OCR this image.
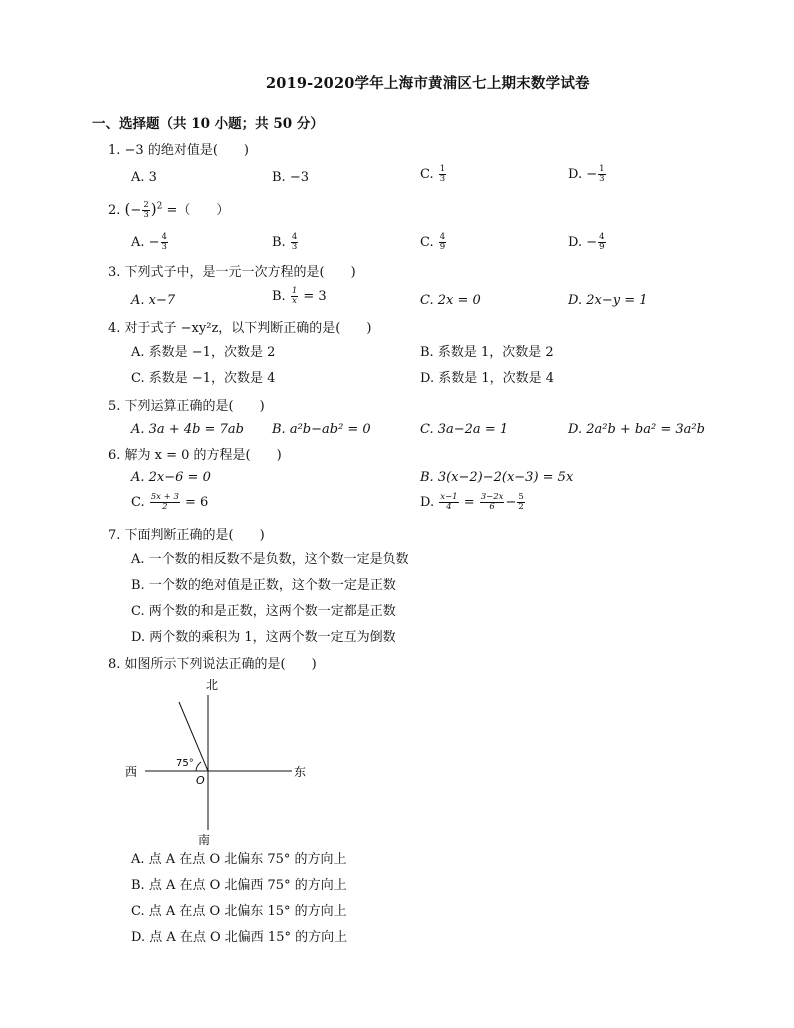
2019-2020学年上海市黄浦区七上期末数学试卷
一、选择题（共 10 小题；共 50 分）
1. −3 的绝对值是(　　)
A. 3	B. −3	C. $\frac{1}{3}$	D. − $\frac{1}{3}$
2. (− $\frac{2}{3} )^2$ =（　　）
A. − $\frac{4}{3}$	B. $\frac{4}{3}$	C. $\frac{4}{9}$	D. − $\frac{4}{9}$
3. 下列式子中，是一元一次方程的是(　　)
A. x−7	B. $\frac{1}{x} = 3$	C. 2x = 0	D. 2x−y = 1
4. 对于式子 −xy²z，以下判断正确的是(　　)
A. 系数是 −1，次数是 2	B. 系数是 1，次数是 2
C. 系数是 −1，次数是 4	D. 系数是 1，次数是 4
5. 下列运算正确的是(　　)
A. 3a + 4b = 7ab B. a²b−ab² = 0	C. 3a−2a = 1	D. 2a²b + ba² = 3a²b
6. 解为 x = 0 的方程是(　　)
A. 2x−6 = 0	B. 3(x−2)−2(x−3) = 5x
C. $\frac{5x + 3}{2} = 6$	D. $\frac{x-1}{4} = \frac{3-2x}{6} - \frac{5}{2}$
7. 下面判断正确的是(　　)
A. 一个数的相反数不是负数，这个数一定是负数
B. 一个数的绝对值是正数，这个数一定是正数
C. 两个数的和是正数，这两个数一定都是正数
D. 两个数的乘积为 1，这两个数一定互为倒数
8. 如图所示下列说法正确的是(　　)
北
南
东
西
O
75°
A. 点 A 在点 O 北偏东 75° 的方向上
B. 点 A 在点 O 北偏西 75° 的方向上
C. 点 A 在点 O 北偏东 15° 的方向上
D. 点 A 在点 O 北偏西 15° 的方向上
